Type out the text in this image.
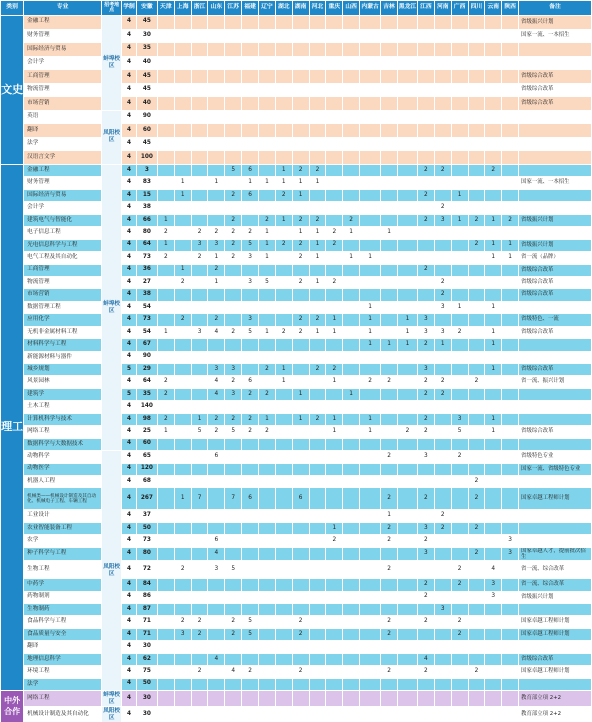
类别	专业	招考地点	学制	安徽	天津	上海	浙江	山东	江苏	福建	辽宁	湖北	湖南	河北	重庆	山西	内蒙古	吉林	黑龙江	江西	河南	广西	四川	云南	陕西	备注
文史	金融工程	蚌埠校区	4	45																						省级振兴计划
	财务管理		4	30																						国家一流、一本招生
	国际经济与贸易		4	35																						
	会计学		4	40																						
	工商管理		4	45																						省级综合改革
	物流管理		4	45																						省级综合改革
	市场营销		4	40																						省级综合改革
	英语	凤阳校区	4	90																						
	翻译		4	60																						
	法学		4	45																						
	汉语言文学		4	100																						
理工	金融工程	蚌埠校区	4	3					5	6		1	2	2						2	2			2		
	财务管理		4	83		1		1		1	1	1	1	1												国家一流、一本招生
	国际经济与贸易		4	15		1			2	6		2	1							2		1				
	会计学		4	38																	2					
	建筑电气与智能化		4	66	1				2		2	1	2	2		2				2	3	1	2	1	2	省级振兴计划
	电子信息工程		4	80	2		2	2	2	2	1		1	1	2	1		1								
	光电信息科学与工程		4	64	1		3	3	2	5	1	2	2	1	2								2	1	1	省级振兴计划
	电气工程及其自动化		4	73	2		2	1	2	3	1		2	1		1	1							1	1	省一流（品牌）
	工商管理		4	36		1		2												2						省级综合改革
	物流管理		4	27		2		1		3	5		2	1	2						2					省级综合改革
	市场营销		4	38																	2					省级综合改革
	数据管理工程		4	54													1				3	1		1		
	应用化学		4	73		2		2		3			2	2	1		1		1	3						省级特色、一流
	无机非金属材料工程		4	54	1		3	4	2	5	1	2	2	1	1		1		1	3	3	2		1		省级综合改革
	材料科学与工程		4	67													1	1	1	2	1			1		
	新能源材料与器件		4	90																						
	城乡规划		5	29				3	3		2	1		2	2					3				1		省级综合改革
	风景园林		4	64	2			4	2	6		1			1		2	2		2	2		2			省一流、振兴计划
	建筑学		5	35	2			4	3	2	2		1			1				2	2					
	土木工程		4	140																						
	计算机科学与技术		4	98	2		1	2	2	2	1		1	2	1		1			2		3		1		
	网络工程		4	25	1		5	2	5	2	2				1		1		2	2		5		1		省级综合改革
	数据科学与大数据技术		4	60																						
	动物科学	凤阳校区	4	65				6										2		3		2				省级特色专业
	动物医学		4	120																						国家一流、省级特色专业
	机器人工程		4	68																			2			
	机械类——机械设计制造及其自动化、机械电子工程、车辆工程		4	267		1	7		7	6			6					2		2			2			国家卓越工程师计划
	工业设计		4	37														1			2					
	农业智能装备工程		4	50											1			2		3	2		2			
	农学		4	73				6							2			2		2					3	
	种子科学与工程		4	80				4												3			2		3	国家卓越人才，提前批次招生
	生物工程		4	72		2		3	5									2				2		4		省一流、综合改革
	中药学		4	84																2		2		3		省一流、综合改革
	药物制剂		4	86																2				3		省级振兴计划
	生物制药		4	87																	3					
	食品科学与工程		4	71		2	2		2	5			2					2		2		2				国家卓越工程师计划
	食品质量与安全		4	71		3	2		2	5			2					2				2				国家卓越工程师计划
	翻译		4	30																						
	地理信息科学		4	62				4												4						省级综合改革
	环境工程		4	75			2		4	2			2					2		2			2			国家卓越工程师计划
	法学		4	50																						
中外合作	网络工程	蚌埠校区	4	30																						教育部立项 2+2
	机械设计制造及其自动化	凤阳校区	4	30																						教育部立项 2+2
